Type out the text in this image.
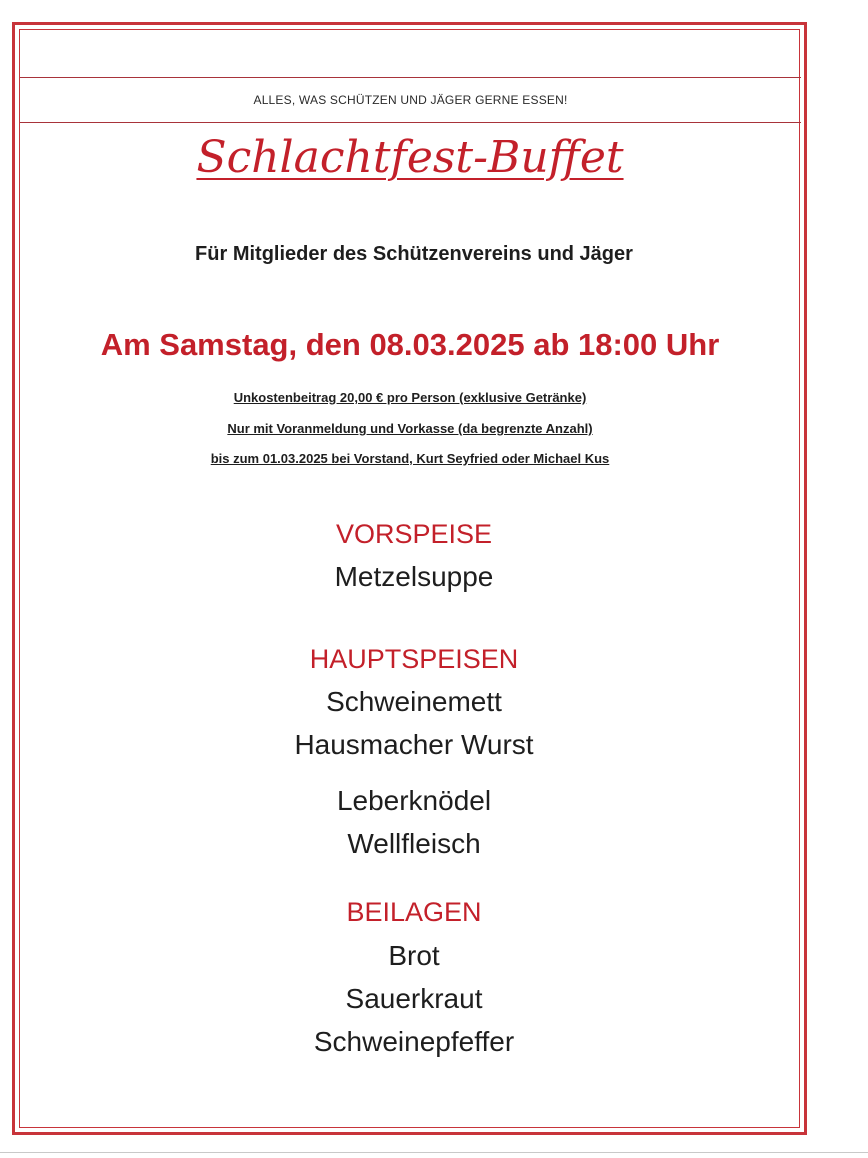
ALLES, WAS SCHÜTZEN UND JÄGER GERNE ESSEN!
Schlachtfest-Buffet
Für Mitglieder des Schützenvereins und Jäger
Am Samstag, den 08.03.2025 ab 18:00 Uhr
Unkostenbeitrag 20,00 € pro Person (exklusive Getränke)
Nur mit Voranmeldung und Vorkasse (da begrenzte Anzahl)
bis zum 01.03.2025 bei Vorstand, Kurt Seyfried oder Michael Kus
VORSPEISE
Metzelsuppe
HAUPTSPEISEN
Schweinemett
Hausmacher Wurst
Leberknödel
Wellfleisch
BEILAGEN
Brot
Sauerkraut
Schweinepfeffer
